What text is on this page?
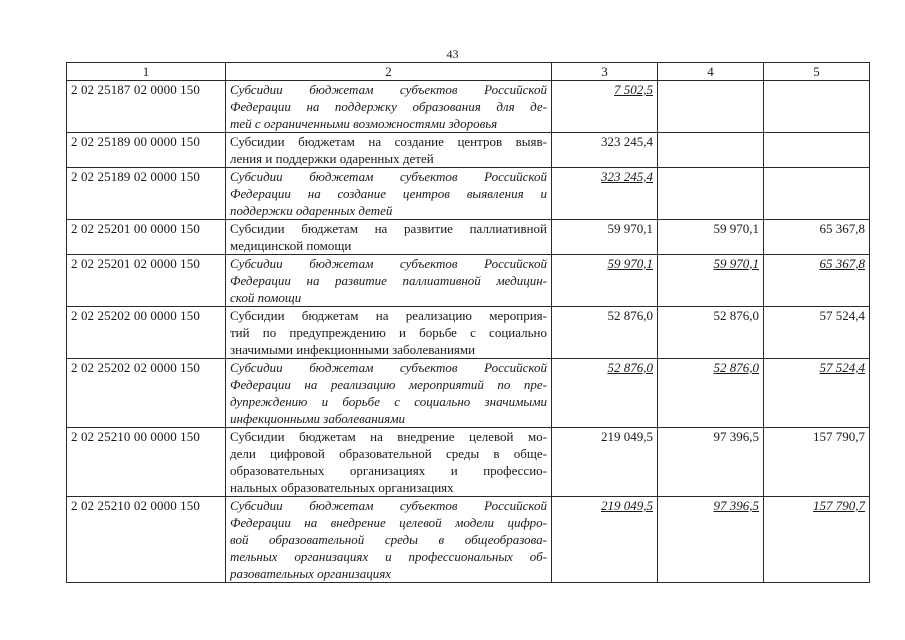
43
1	2	3	4	5
2 02 25187 02 0000 150	Субсидии бюджетам субъектов Российской
Федерации на поддержку образования для де-
тей с ограниченными возможностями здоровья	7 502,5		
2 02 25189 00 0000 150	Субсидии бюджетам на создание центров выяв-
ления и поддержки одаренных детей	323 245,4		
2 02 25189 02 0000 150	Субсидии бюджетам субъектов Российской
Федерации на создание центров выявления и
поддержки одаренных детей	323 245,4		
2 02 25201 00 0000 150	Субсидии бюджетам на развитие паллиативной
медицинской помощи	59 970,1	59 970,1	65 367,8
2 02 25201 02 0000 150	Субсидии бюджетам субъектов Российской
Федерации на развитие паллиативной медицин-
ской помощи	59 970,1	59 970,1	65 367,8
2 02 25202 00 0000 150	Субсидии бюджетам на реализацию мероприя-
тий по предупреждению и борьбе с социально
значимыми инфекционными заболеваниями	52 876,0	52 876,0	57 524,4
2 02 25202 02 0000 150	Субсидии бюджетам субъектов Российской
Федерации на реализацию мероприятий по пре-
дупреждению и борьбе с социально значимыми
инфекционными заболеваниями	52 876,0	52 876,0	57 524,4
2 02 25210 00 0000 150	Субсидии бюджетам на внедрение целевой мо-
дели цифровой образовательной среды в обще-
образовательных организациях и профессио-
нальных образовательных организациях	219 049,5	97 396,5	157 790,7
2 02 25210 02 0000 150	Субсидии бюджетам субъектов Российской
Федерации на внедрение целевой модели цифро-
вой образовательной среды в общеобразова-
тельных организациях и профессиональных об-
разовательных организациях	219 049,5	97 396,5	157 790,7
